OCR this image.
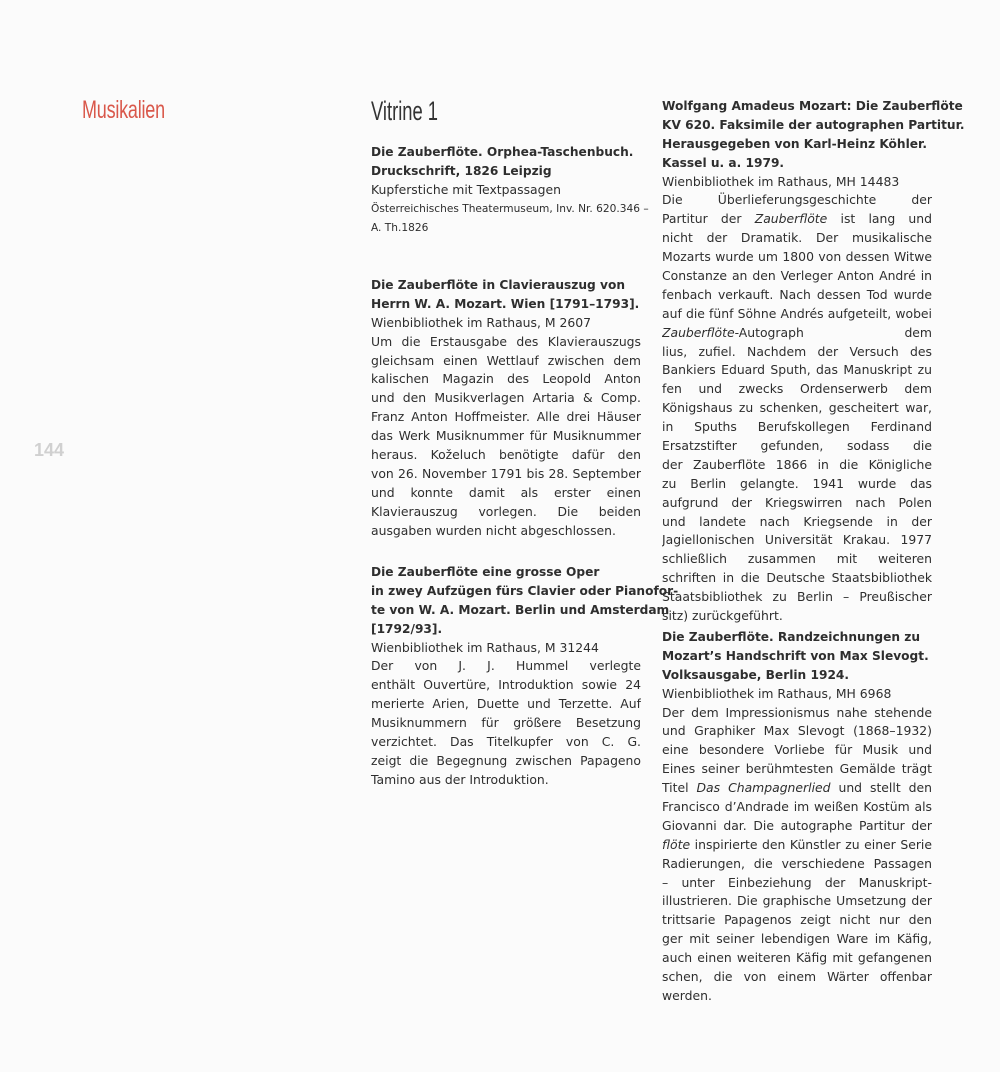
Musikalien	Vitrine 1
144
Die Zauberflöte. Orphea-Taschenbuch.
Druckschrift, 1826 Leipzig
Kupferstiche mit Textpassagen
Österreichisches Theatermuseum, Inv. Nr. 620.346 –
A. Th.1826
Die Zauberflöte in Clavierauszug von
Herrn W. A. Mozart. Wien [1791–1793].
Wienbibliothek im Rathaus, M 2607
Um die Erstausgabe des Klavierauszugs
gleichsam einen Wettlauf zwischen dem
kalischen Magazin des Leopold Anton
und den Musikverlagen Artaria & Comp.
Franz Anton Hoffmeister. Alle drei Häuser
das Werk Musiknummer für Musiknummer
heraus. Koželuch benötigte dafür den
von 26. November 1791 bis 28. September
und konnte damit als erster einen
Klavierauszug vorlegen. Die beiden
ausgaben wurden nicht abgeschlossen.
Die Zauberflöte eine grosse Oper
in zwey Aufzügen fürs Clavier oder Pianofor-
te von W. A. Mozart. Berlin und Amsterdam
[1792/93].
Wienbibliothek im Rathaus, M 31244
Der von J. J. Hummel verlegte
enthält Ouvertüre, Introduktion sowie 24
merierte Arien, Duette und Terzette. Auf
Musiknummern für größere Besetzung
verzichtet. Das Titelkupfer von C. G.
zeigt die Begegnung zwischen Papageno
Tamino aus der Introduktion.
Wolfgang Amadeus Mozart: Die Zauberflöte
KV 620. Faksimile der autographen Partitur.
Herausgegeben von Karl-Heinz Köhler.
Kassel u. a. 1979.
Wienbibliothek im Rathaus, MH 14483
Die Überlieferungsgeschichte der
Partitur der Zauberflöte ist lang und
nicht der Dramatik. Der musikalische
Mozarts wurde um 1800 von dessen Witwe
Constanze an den Verleger Anton André in
fenbach verkauft. Nach dessen Tod wurde
auf die fünf Söhne Andrés aufgeteilt, wobei
Zauberflöte-Autograph dem
lius, zufiel. Nachdem der Versuch des
Bankiers Eduard Sputh, das Manuskript zu
fen und zwecks Ordenserwerb dem
Königshaus zu schenken, gescheitert war,
in Spuths Berufskollegen Ferdinand
Ersatzstifter gefunden, sodass die
der Zauberflöte 1866 in die Königliche
zu Berlin gelangte. 1941 wurde das
aufgrund der Kriegswirren nach Polen
und landete nach Kriegsende in der
Jagiellonischen Universität Krakau. 1977
schließlich zusammen mit weiteren
schriften in die Deutsche Staatsbibliothek
Staatsbibliothek zu Berlin – Preußischer
sitz) zurückgeführt.
Die Zauberflöte. Randzeichnungen zu
Mozart’s Handschrift von Max Slevogt.
Volksausgabe, Berlin 1924.
Wienbibliothek im Rathaus, MH 6968
Der dem Impressionismus nahe stehende
und Graphiker Max Slevogt (1868–1932)
eine besondere Vorliebe für Musik und
Eines seiner berühmtesten Gemälde trägt
Titel Das Champagnerlied und stellt den
Francisco d’Andrade im weißen Kostüm als
Giovanni dar. Die autographe Partitur der
flöte inspirierte den Künstler zu einer Serie
Radierungen, die verschiedene Passagen
– unter Einbeziehung der Manuskript-
illustrieren. Die graphische Umsetzung der
trittsarie Papagenos zeigt nicht nur den
ger mit seiner lebendigen Ware im Käfig,
auch einen weiteren Käfig mit gefangenen
schen, die von einem Wärter offenbar
werden.
